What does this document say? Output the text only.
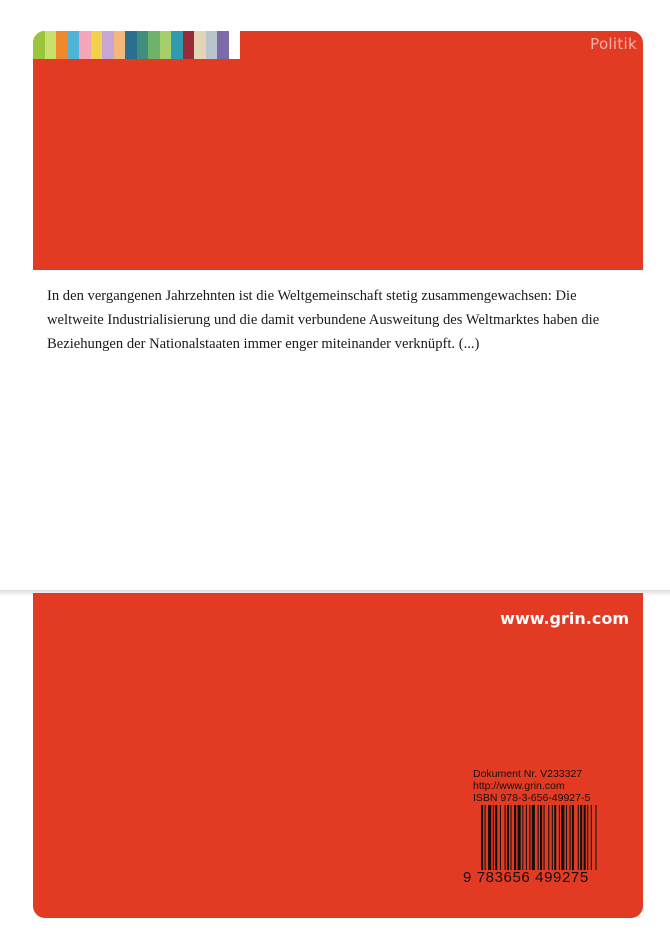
Politik

In den vergangenen Jahrzehnten ist die Weltgemeinschaft stetig zusammengewachsen: Die weltweite Industrialisierung und die damit verbundene Ausweitung des Weltmarktes haben die Beziehungen der Nationalstaaten immer enger miteinander verknüpft. (...)

www.grin.com
Dokument Nr. V233327
http://www.grin.com
ISBN 978-3-656-49927-5
9 783656 499275
